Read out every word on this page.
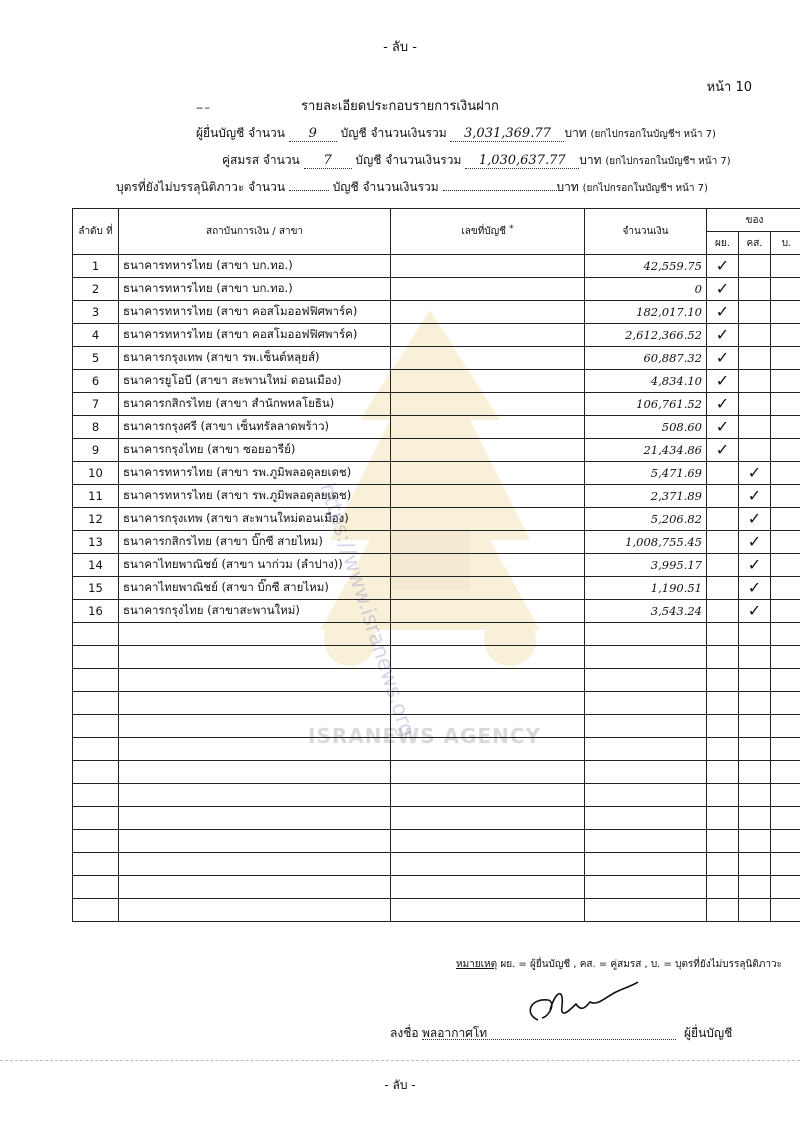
https://www.isranews.org
ISRANEWS AGENCY
- ลับ -
หน้า 10
รายละเอียดประกอบรายการเงินฝาก
-- –
ผู้ยื่นบัญชี จำนวน 9 บัญชี จำนวนเงินรวม 3,031,369.77 บาท (ยกไปกรอกในบัญชีฯ หน้า 7)
คู่สมรส จำนวน 7 บัญชี จำนวนเงินรวม 1,030,637.77 บาท (ยกไปกรอกในบัญชีฯ หน้า 7)
บุตรที่ยังไม่บรรลุนิติภาวะ จำนวน	บัญชี จำนวนเงินรวม	บาท (ยกไปกรอกในบัญชีฯ หน้า 7)
ลำดับ ที่	สถาบันการเงิน / สาขา	เลขที่บัญชี *	จำนวนเงิน	ของ		
				ผย.	คส.	บ.
1	ธนาคารทหารไทย (สาขา บก.ทอ.)		42,559.75	✓		
2	ธนาคารทหารไทย (สาขา บก.ทอ.)		0	✓		
3	ธนาคารทหารไทย (สาขา คอสโมออฟฟิศพาร์ค)		182,017.10	✓		
4	ธนาคารทหารไทย (สาขา คอสโมออฟฟิศพาร์ค)		2,612,366.52	✓		
5	ธนาคารกรุงเทพ (สาขา รพ.เซ็นต์หลุยส์)		60,887.32	✓		
6	ธนาคารยูโอบี (สาขา สะพานใหม่ ดอนเมือง)		4,834.10	✓		
7	ธนาคารกสิกรไทย (สาขา สำนักพหลโยธิน)		106,761.52	✓		
8	ธนาคารกรุงศรี (สาขา เซ็นทรัลลาดพร้าว)		508.60	✓		
9	ธนาคารกรุงไทย (สาขา ซอยอารีย์)		21,434.86	✓		
10	ธนาคารทหารไทย (สาขา รพ.ภูมิพลอดุลยเดช)		5,471.69		✓	
11	ธนาคารทหารไทย (สาขา รพ.ภูมิพลอดุลยเดช)		2,371.89		✓	
12	ธนาคารกรุงเทพ (สาขา สะพานใหม่ดอนเมือง)		5,206.82		✓	
13	ธนาคารกสิกรไทย (สาขา บิ๊กซี สายไหม)		1,008,755.45		✓	
14	ธนาคาไทยพาณิชย์ (สาขา นาก่วม (ลำปาง))		3,995.17		✓	
15	ธนาคาไทยพาณิชย์ (สาขา บิ๊กซี สายไหม)		1,190.51		✓	
16	ธนาคารกรุงไทย (สาขาสะพานใหม่)		3,543.24		✓	

หมายเหตุ ผย. = ผู้ยื่นบัญชี , คส. = คู่สมรส , บ. = บุตรที่ยังไม่บรรลุนิติภาวะ
ลงชื่อ พลอากาศโท	ผู้ยื่นบัญชี
- ลับ -
